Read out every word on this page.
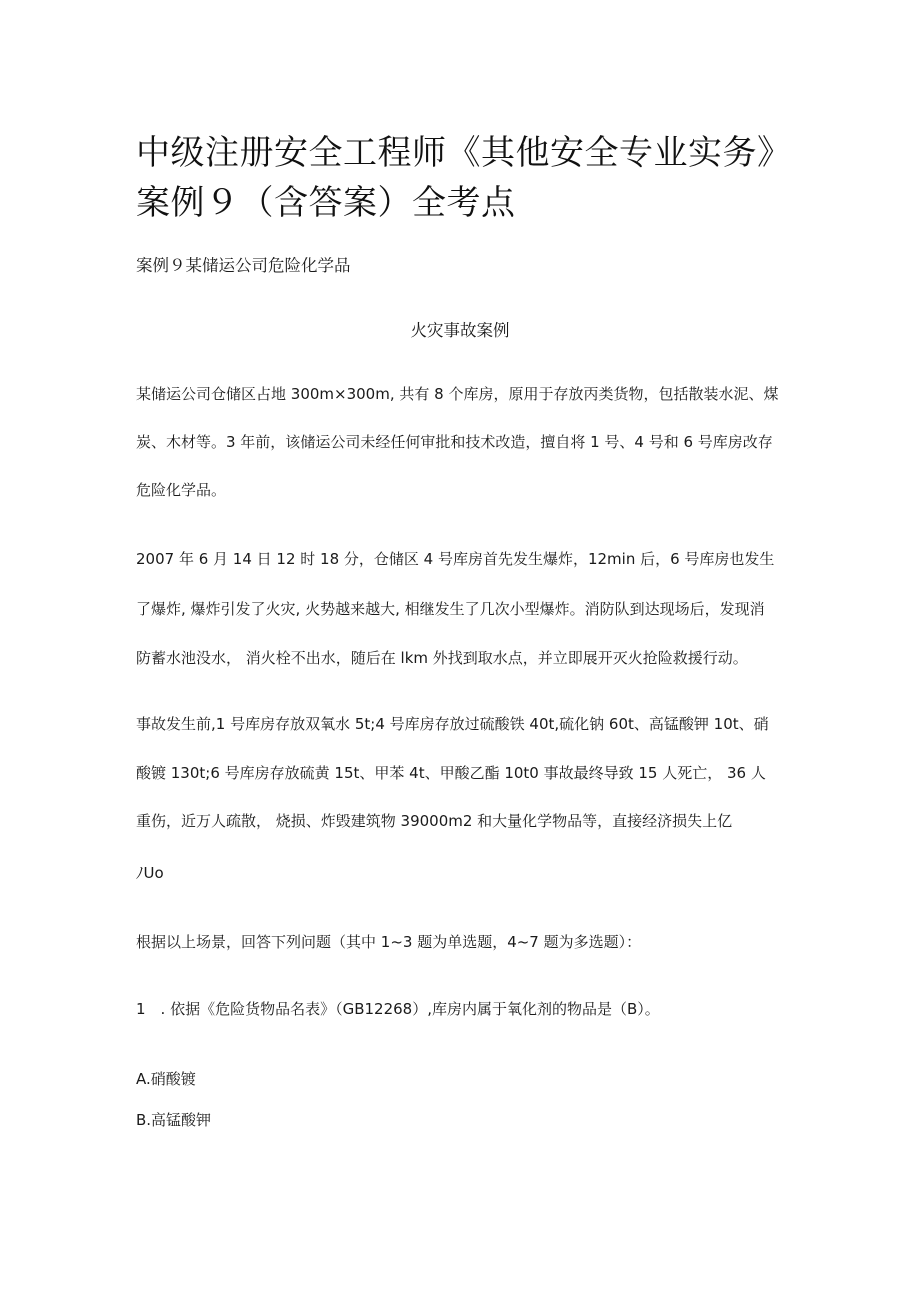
中级注册安全工程师《其他安全专业实务》
案例９（含答案）全考点
案例９某储运公司危险化学品
火灾事故案例
某储运公司仓储区占地 300m×300m, 共有 8 个库房，原用于存放丙类货物，包括散装水泥、煤
炭、木材等。3 年前，该储运公司未经任何审批和技术改造，擅自将 1 号、4 号和 6 号库房改存
危险化学品。
2007 年 6 月 14 日 12 时 18 分，仓储区 4 号库房首先发生爆炸，12min 后，6 号库房也发生
了爆炸, 爆炸引发了火灾, 火势越来越大, 相继发生了几次小型爆炸。消防队到达现场后，发现消
防蓄水池没水， 消火栓不出水，随后在 lkm 外找到取水点，并立即展开灭火抢险救援行动。
事故发生前,1 号库房存放双氧水 5t;4 号库房存放过硫酸铁 40t,硫化钠 60t、高锰酸钾 10t、硝
酸镀 130t;6 号库房存放硫黄 15t、甲苯 4t、甲酸乙酯 10t0 事故最终导致 15 人死亡， 36 人
重伤，近万人疏散， 烧损、炸毁建筑物 39000m2 和大量化学物品等，直接经济损失上亿
ﾉUo
根据以上场景，回答下列问题（其中 1~3 题为单选题，4~7 题为多选题）：
1　. 依据《危险货物品名表》（GB12268）,库房内属于氧化剂的物品是（B）。
A.硝酸镀
B.高锰酸钾
